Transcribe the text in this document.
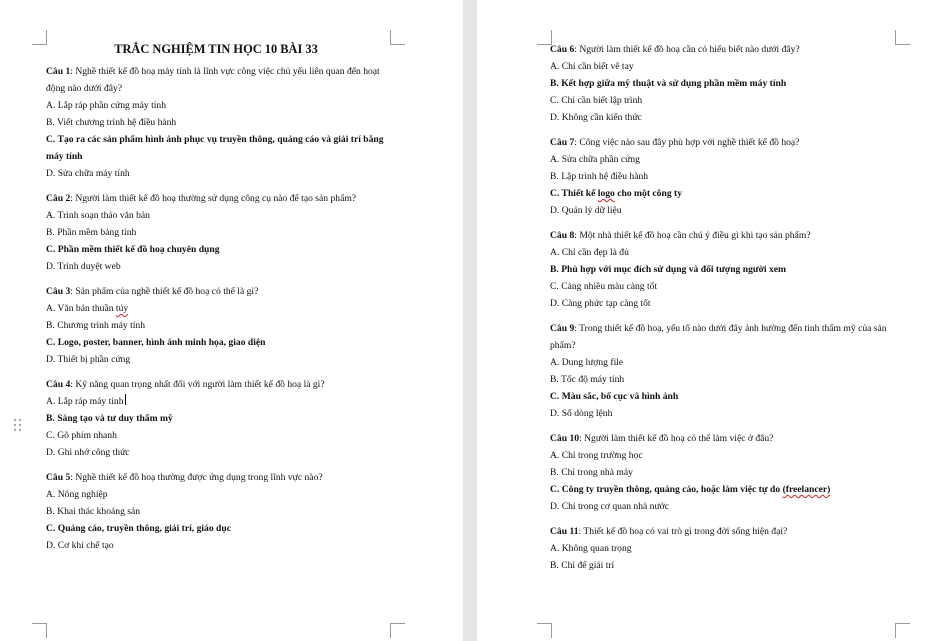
TRẮC NGHIỆM TIN HỌC 10 BÀI 33
Câu 1: Nghề thiết kế đồ hoạ máy tính là lĩnh vực công việc chủ yếu liên quan đến hoạt động nào dưới đây?
A. Lắp ráp phần cứng máy tính
B. Viết chương trình hệ điều hành
C. Tạo ra các sản phẩm hình ảnh phục vụ truyền thông, quảng cáo và giải trí bằng máy tính
D. Sửa chữa máy tính
Câu 2: Người làm thiết kế đồ hoạ thường sử dụng công cụ nào để tạo sản phẩm?
A. Trình soạn thảo văn bản
B. Phần mềm bảng tính
C. Phần mềm thiết kế đồ hoạ chuyên dụng
D. Trình duyệt web
Câu 3: Sản phẩm của nghề thiết kế đồ hoạ có thể là gì?
A. Văn bản thuần túy
B. Chương trình máy tính
C. Logo, poster, banner, hình ảnh minh họa, giao diện
D. Thiết bị phần cứng
Câu 4: Kỹ năng quan trọng nhất đối với người làm thiết kế đồ hoạ là gì?
A. Lắp ráp máy tính
B. Sáng tạo và tư duy thẩm mỹ
C. Gõ phím nhanh
D. Ghi nhớ công thức
Câu 5: Nghề thiết kế đồ hoạ thường được ứng dụng trong lĩnh vực nào?
A. Nông nghiệp
B. Khai thác khoáng sản
C. Quảng cáo, truyền thông, giải trí, giáo dục
D. Cơ khí chế tạo
Câu 6: Người làm thiết kế đồ hoạ cần có hiểu biết nào dưới đây?
A. Chỉ cần biết vẽ tay
B. Kết hợp giữa mỹ thuật và sử dụng phần mềm máy tính
C. Chỉ cần biết lập trình
D. Không cần kiến thức
Câu 7: Công việc nào sau đây phù hợp với nghề thiết kế đồ hoạ?
A. Sửa chữa phần cứng
B. Lập trình hệ điều hành
C. Thiết kế logo cho một công ty
D. Quản lý dữ liệu
Câu 8: Một nhà thiết kế đồ hoạ cần chú ý điều gì khi tạo sản phẩm?
A. Chỉ cần đẹp là đủ
B. Phù hợp với mục đích sử dụng và đối tượng người xem
C. Càng nhiều màu càng tốt
D. Càng phức tạp càng tốt
Câu 9: Trong thiết kế đồ hoạ, yếu tố nào dưới đây ảnh hưởng đến tính thẩm mỹ của sản phẩm?
A. Dung lượng file
B. Tốc độ máy tính
C. Màu sắc, bố cục và hình ảnh
D. Số dòng lệnh
Câu 10: Người làm thiết kế đồ hoạ có thể làm việc ở đâu?
A. Chỉ trong trường học
B. Chỉ trong nhà máy
C. Công ty truyền thông, quảng cáo, hoặc làm việc tự do (freelancer)
D. Chỉ trong cơ quan nhà nước
Câu 11: Thiết kế đồ hoạ có vai trò gì trong đời sống hiện đại?
A. Không quan trọng
B. Chỉ để giải trí
